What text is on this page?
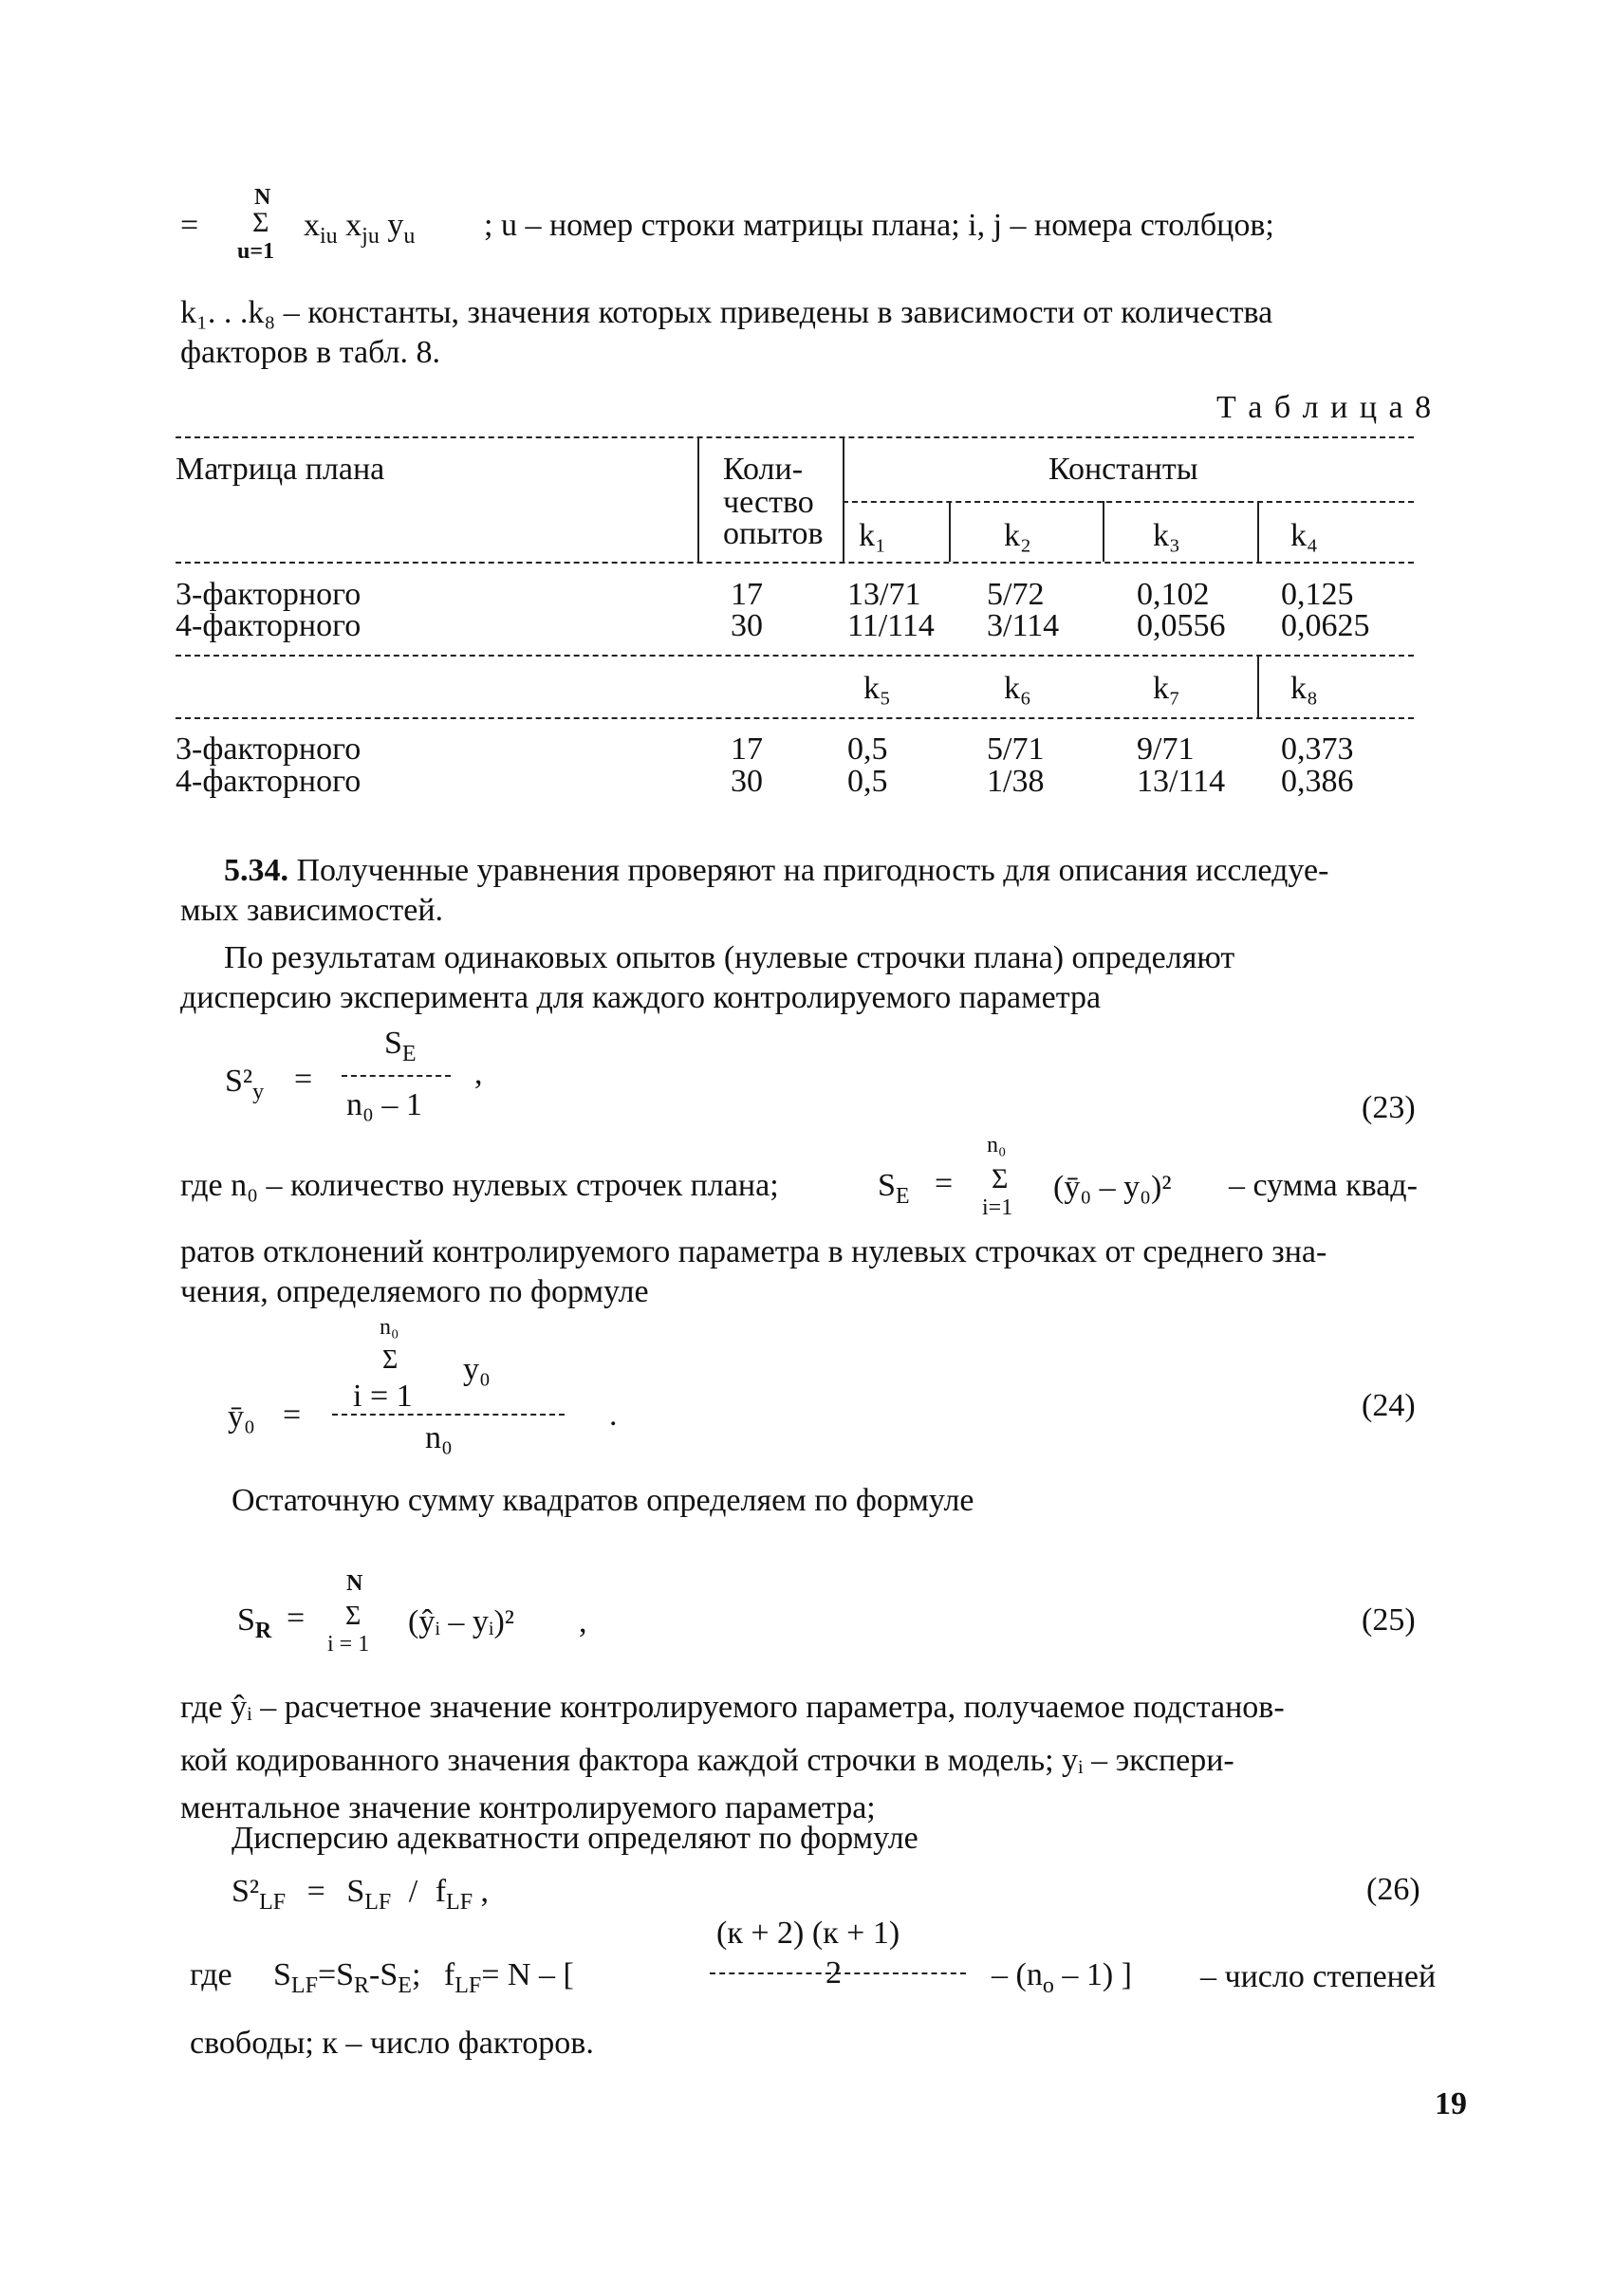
N
= Σ
u=1
$x_{iu}$ $x_{ju}$ $y_u$ ; u – номер строки матрицы плана; i, j – номера столбцов;
k₁. . .k₈ – константы, значения которых приведены в зависимости от количества
факторов в табл. 8.
Т а б л и ц а 8
Матрица плана	Коли-
чество
опытов
Константы
k₁	k₂	k₃	k₄
3-факторного	17	13/71 5/72	0,102 0,125
4-факторного	30	11/114 3/114 0,0556 0,0625
k₅	k₆	k₇	k₈
3-факторного	17	0,5	5/71	9/71	0,373
4-факторного	30	0,5	1/38	13/114 0,386
5.34. Полученные уравнения проверяют на пригодность для описания исследуе-
мых зависимостей.
По результатам одинаковых опытов (нулевые строчки плана) определяют
дисперсию эксперимента для каждого контролируемого параметра
$S^2_y$ =
$S_E$
n₀ – 1
,
(23)
n₀
где n₀ – количество нулевых строчек плана;	$S_E = \Sigma$
i=1
(ȳ₀ – y₀)² – сумма квад-
ратов отклонений контролируемого параметра в нулевых строчках от среднего зна-
чения, определяемого по формуле
n₀
Σ y₀
i = 1
ȳ₀ =
n₀
.	(24)
Остаточную сумму квадратов определяем по формуле
N
$S_R = \Sigma$
i = 1
(ŷᵢ – yᵢ)² ,	(25)
где ŷᵢ – расчетное значение контролируемого параметра, получаемое подстанов-
кой кодированного значения фактора каждой строчки в модель; yᵢ – экспери-
ментальное значение контролируемого параметра;
Дисперсию адекватности определяют по формуле
$S^2_{LF} = S_{LF} / f_{LF}$ ,	(26)
(к + 2) (к + 1)
где $S_{LF}=S_R-S_E$; $f_{LF}= N$ – [	2	– $(n_o - 1)$ ] – число степеней
свободы; к – число факторов.
19
